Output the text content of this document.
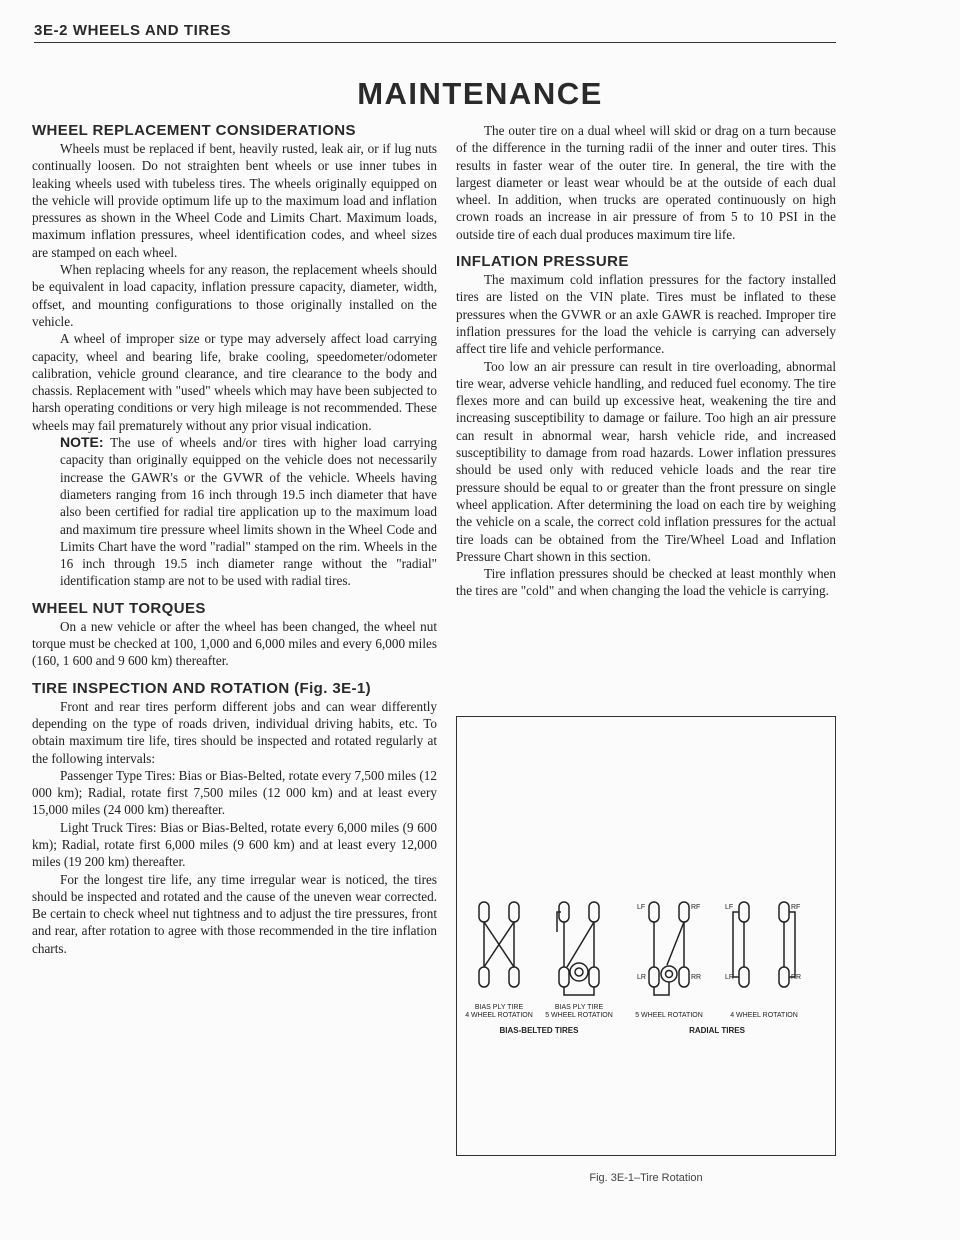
3E-2 WHEELS AND TIRES
MAINTENANCE
WHEEL REPLACEMENT CONSIDERATIONS

Wheels must be replaced if bent, heavily rusted, leak air, or if lug nuts continually loosen. Do not straighten bent wheels or use inner tubes in leaking wheels used with tubeless tires. The wheels originally equipped on the vehicle will provide optimum life up to the maximum load and inflation pressures as shown in the Wheel Code and Limits Chart. Maximum loads, maximum inflation pressures, wheel identification codes, and wheel sizes are stamped on each wheel.

When replacing wheels for any reason, the replacement wheels should be equivalent in load capacity, inflation pressure capacity, diameter, width, offset, and mounting configurations to those originally installed on the vehicle.

A wheel of improper size or type may adversely affect load carrying capacity, wheel and bearing life, brake cooling, speedometer/odometer calibration, vehicle ground clearance, and tire clearance to the body and chassis. Replacement with "used" wheels which may have been subjected to harsh operating conditions or very high mileage is not recommended. These wheels may fail prematurely without any prior visual indication.

NOTE: The use of wheels and/or tires with higher load carrying capacity than originally equipped on the vehicle does not necessarily increase the GAWR's or the GVWR of the vehicle. Wheels having diameters ranging from 16 inch through 19.5 inch diameter that have also been certified for radial tire application up to the maximum load and maximum tire pressure wheel limits shown in the Wheel Code and Limits Chart have the word "radial" stamped on the rim. Wheels in the 16 inch through 19.5 inch diameter range without the "radial" identification stamp are not to be used with radial tires.

WHEEL NUT TORQUES

On a new vehicle or after the wheel has been changed, the wheel nut torque must be checked at 100, 1,000 and 6,000 miles and every 6,000 miles (160, 1 600 and 9 600 km) thereafter.

TIRE INSPECTION AND ROTATION (Fig. 3E-1)

Front and rear tires perform different jobs and can wear differently depending on the type of roads driven, individual driving habits, etc. To obtain maximum tire life, tires should be inspected and rotated regularly at the following intervals:

Passenger Type Tires: Bias or Bias-Belted, rotate every 7,500 miles (12 000 km); Radial, rotate first 7,500 miles (12 000 km) and at least every 15,000 miles (24 000 km) thereafter.

Light Truck Tires: Bias or Bias-Belted, rotate every 6,000 miles (9 600 km); Radial, rotate first 6,000 miles (9 600 km) and at least every 12,000 miles (19 200 km) thereafter.

For the longest tire life, any time irregular wear is noticed, the tires should be inspected and rotated and the cause of the uneven wear corrected. Be certain to check wheel nut tightness and to adjust the tire pressures, front and rear, after rotation to agree with those recommended in the tire inflation charts.

The outer tire on a dual wheel will skid or drag on a turn because of the difference in the turning radii of the inner and outer tires. This results in faster wear of the outer tire. In general, the tire with the largest diameter or least wear whould be at the outside of each dual wheel. In addition, when trucks are operated continuously on high crown roads an increase in air pressure of from 5 to 10 PSI in the outside tire of each dual produces maximum tire life.

INFLATION PRESSURE

The maximum cold inflation pressures for the factory installed tires are listed on the VIN plate. Tires must be inflated to these pressures when the GVWR or an axle GAWR is reached. Improper tire inflation pressures for the load the vehicle is carrying can adversely affect tire life and vehicle performance.

Too low an air pressure can result in tire overloading, abnormal tire wear, adverse vehicle handling, and reduced fuel economy. The tire flexes more and can build up excessive heat, weakening the tire and increasing susceptibility to damage or failure. Too high an air pressure can result in abnormal wear, harsh vehicle ride, and increased susceptibility to damage from road hazards. Lower inflation pressures should be used only with reduced vehicle loads and the rear tire pressure should be equal to or greater than the front pressure on single wheel application. After determining the load on each tire by weighing the vehicle on a scale, the correct cold inflation pressures for the actual tire loads can be obtained from the Tire/Wheel Load and Inflation Pressure Chart shown in this section.

Tire inflation pressures should be checked at least monthly when the tires are "cold" and when changing the load the vehicle is carrying.

LF	RF
LR	RR
LF	RF
LR	RR
BIAS PLY TIRE
4 WHEEL ROTATION
BIAS PLY TIRE
5 WHEEL ROTATION	5 WHEEL ROTATION	4 WHEEL ROTATION
BIAS-BELTED TIRES	RADIAL TIRES
Fig. 3E-1–Tire Rotation
